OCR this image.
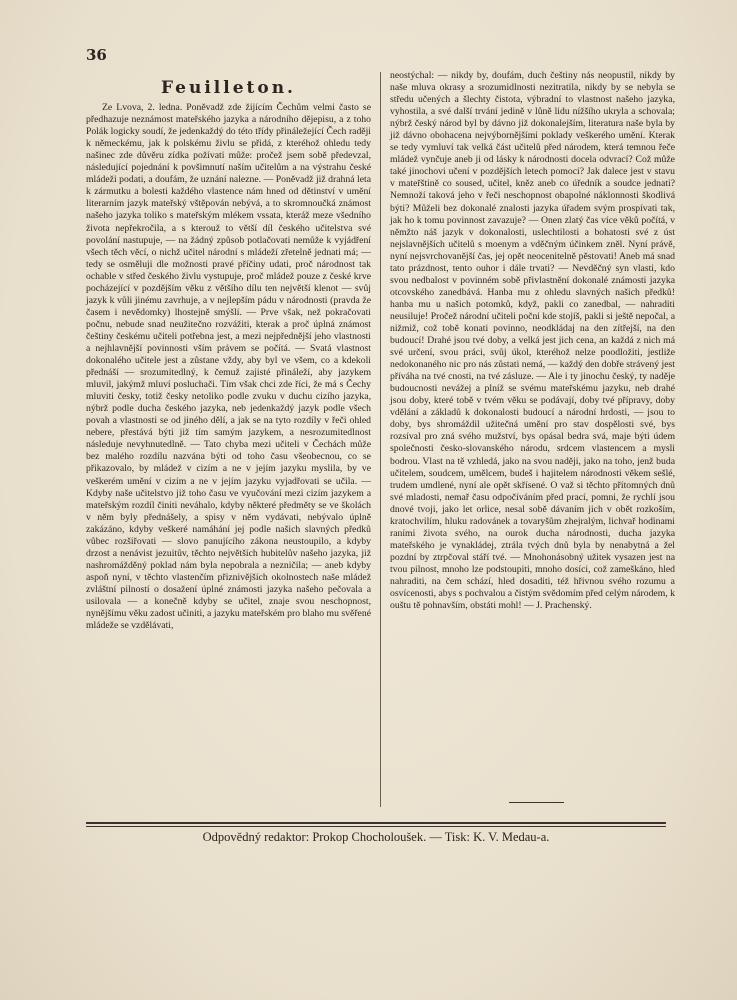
36
Feuilleton.

Ze Lvova, 2. ledna. Poněvadž zde žijícím Čechům velmi často se předhazuje neznámost mateřského jazyka a národního dějepisu, a z toho Polák logicky soudí, že jedenkaždý do této třídy přináležející Čech raději k německému, jak k polskému živlu se přidá, z kteréhož ohledu tedy našinec zde důvěru zídka požívati může: pročež jsem sobě předevzal, následující pojednání k povšimnutí naším učitelům a na výstrahu české mládeži podati, a doufám, že uznání nalezne. — Poněvadž již drahná leta k zármutku a bolesti každého vlastence nám hned od dětinství v umění literarním jazyk mateřský vštěpován nebývá, a to skromnoučká známost našeho jazyka toliko s mateřským mlékem vssata, kteráž meze všedního života nepřekročila, a s kterouž to větší díl českého učitelstva své povolání nastupuje, — na žádný způsob potlačovati nemůže k vyjádření všech těch věcí, o nichž učitel národní s mládeží zřetelně jednati má; — tedy se osměluji dle možnosti pravé příčiny udati, proč národnost tak ochable v střed českého živlu vystupuje, proč mládež pouze z české krve pocházející v pozdějším věku z většího dílu ten největší klenot — svůj jazyk k vůli jinému zavrhuje, a v nejlepším pádu v národnosti (pravda že časem i nevědomky) lhostejně smýšlí. — Prve však, než pokračovati počnu, nebude snad neužitečno rozvážiti, kterak a proč úplná známost češtiny českému učiteli potřebna jest, a mezi nejpřednější jeho vlastnosti a nejhlavnější povinnosti vším právem se počítá. — Svatá vlastnost dokonalého učitele jest a zůstane vždy, aby byl ve všem, co a kdekoli přednáší — srozumitedlný, k čemuž zajisté přináleží, aby jazykem mluvil, jakýmž mluví posluchači. Tím však chci zde říci, že má s Čechy mluviti česky, totiž česky netoliko podle zvuku v duchu cizího jazyka, nýbrž podle ducha českého jazyka, neb jedenkaždý jazyk podle všech povah a vlastnosti se od jiného dělí, a jak se na tyto rozdíly v řeči ohled nebere, přestává býti již tím samým jazykem, a nesrozumitedlnost následuje nevyhnutedlně. — Tato chyba mezi učiteli v Čechách může bez malého rozdílu nazvána býti od toho času všeobecnou, co se přikazovalo, by mládež v cizím a ne v jejím jazyku myslila, by ve veškerém umění v cizím a ne v jejím jazyku vyjadřovati se učila. — Kdyby naše učitelstvo již toho času ve vyučování mezi cizím jazykem a mateřským rozdíl činiti neváhalo, kdyby některé předměty se ve školách v něm byly přednášely, a spisy v něm vydávati, nebývalo úplně zakázáno, kdyby veškeré namáhání jej podle našich slavných předků vůbec rozšiřovati — slovo panujícího zákona neustoupilo, a kdyby drzost a nenávist jezuitův, těchto největších hubitelův našeho jazyka, již nashromážděný poklad nám byla nepobrala a nezničila; — aneb kdyby aspoň nyní, v těchto vlastenčím přiznivějších okolnostech naše mládež zvláštní pilností o dosažení úplné známosti jazyka našeho pečovala a usilovala — a konečně kdyby se učitel, znaje svou neschopnost, nynějšímu věku zadost učiniti, a jazyku mateřském pro blaho mu svěřené mládeže se vzdělávati,

neostýchal: — nikdy by, doufám, duch češtiny nás neopustil, nikdy by naše mluva okrasy a srozumidlnosti nezitratila, nikdy by se nebyla se středu učených a šlechty čistota, výbradní to vlastnost našeho jazyka, vyhostila, a své další trvání jedině v lůně lidu nížšího ukryla a schovala; nýbrž český národ byl by dávno již dokonalejším, literatura naše byla by již dávno obohacena nejvýbornějšími poklady veškerého umění. Kterak se tedy vymluví tak velká část učitelů před národem, která temnou řeče mládež vynčuje aneb ji od lásky k národnosti docela odvrací? Což může také jinochovi učení v pozdějších letech pomoci? Jak dalece jest v stavu v mateřštině co soused, učitel, kněz aneb co úředník a soudce jednati? Nemnoží taková jeho v řeči neschopnost obapolné náklonnosti škodlivá býti? Můželi bez dokonalé znalosti jazyka úřadem svým prospívati tak, jak ho k tomu povinnost zavazuje? — Onen zlatý čas více věků počítá, v němžto náš jazyk v dokonalosti, uslechtilosti a bohatosti své z úst nejslavnějších učitelů s moenym a vděčným účinkem zněl. Nyní právě, nyní nejsvrchovanější čas, jej opět neocenitelně pěstovati! Aneb má snad tato prázdnost, tento ouhor i dále trvati? — Nevděčný syn vlasti, kdo svou nedbalost v povinném sobě přivlastnění dokonalé známosti jazyka otcovského zanedbává. Hanba mu z ohledu slavných našich předků! hanba mu u našich potomků, když, pakli co zanedbal, — nahraditi neusiluje! Pročež národní učiteli počni kde stojíš, pakli si ještě nepočal, a nižmiž, což tobě konati povinno, neodkládaj na den zítřejší, na den budoucí! Drahé jsou tvé doby, a velká jest jich cena, an každá z nich má své určení, svou práci, svůj úkol, kteréhož nelze poodložiti, jestliže nedokonaného nic pro nás zůstati nemá, — každý den dobře strávený jest příváha na tvé cnosti, na tvé zásluze. — Ale i ty jinochu český, ty naděje budoucnosti nevážej a plníž se svému mateřskému jazyku, neb drahé jsou doby, které tobě v tvém věku se podávají, doby tvé přípravy, doby vdělání a základů k dokonalosti budoucí a národní hrdosti, — jsou to doby, bys shromáždil užitečná umění pro stav dospělosti své, bys rozsíval pro zná svého mužství, bys opásal bedra svá, maje býti údem společnosti česko-slovanského národu, srdcem vlastencem a mysli bodrou. Vlast na tě vzhledá, jako na svou naději, jako na toho, jenž buda učitelem, soudcem, umělcem, budeš i hajitelem národnosti věkem sešlé, trudem umdlené, nyní ale opět skřísené. O važ si těchto přítomných dnů své mladosti, nemař času odpočíváním před prací, pomni, že rychlí jsou dnové tvoji, jako let orlice, nesal sobě dávaním jich v obět rozkoším, kratochvilím, hluku radovánek a tovaryšům zhejralým, lichvař hodinami raními života svého, na ourok ducha národnosti, ducha jazyka mateřského je vynakládej, ztrála tvých dnů byla by nenabytná a žel pozdní by ztrpčoval stáří tvé. — Mnohonásobný užitek vysazen jest na tvou pilnost, mnoho lze podstoupiti, mnoho dosíci, což zameškáno, hled nahraditi, na čem schází, hled dosaditi, též hřivnou svého rozumu a osvícenosti, abys s pochvalou a čistým svědomím před celým národem, k ouštu tě pohnavším, obstáti mohl! — J. Prachenský.

Odpovědný redaktor: Prokop Chocholoušek. — Tisk: K. V. Medau-a.
